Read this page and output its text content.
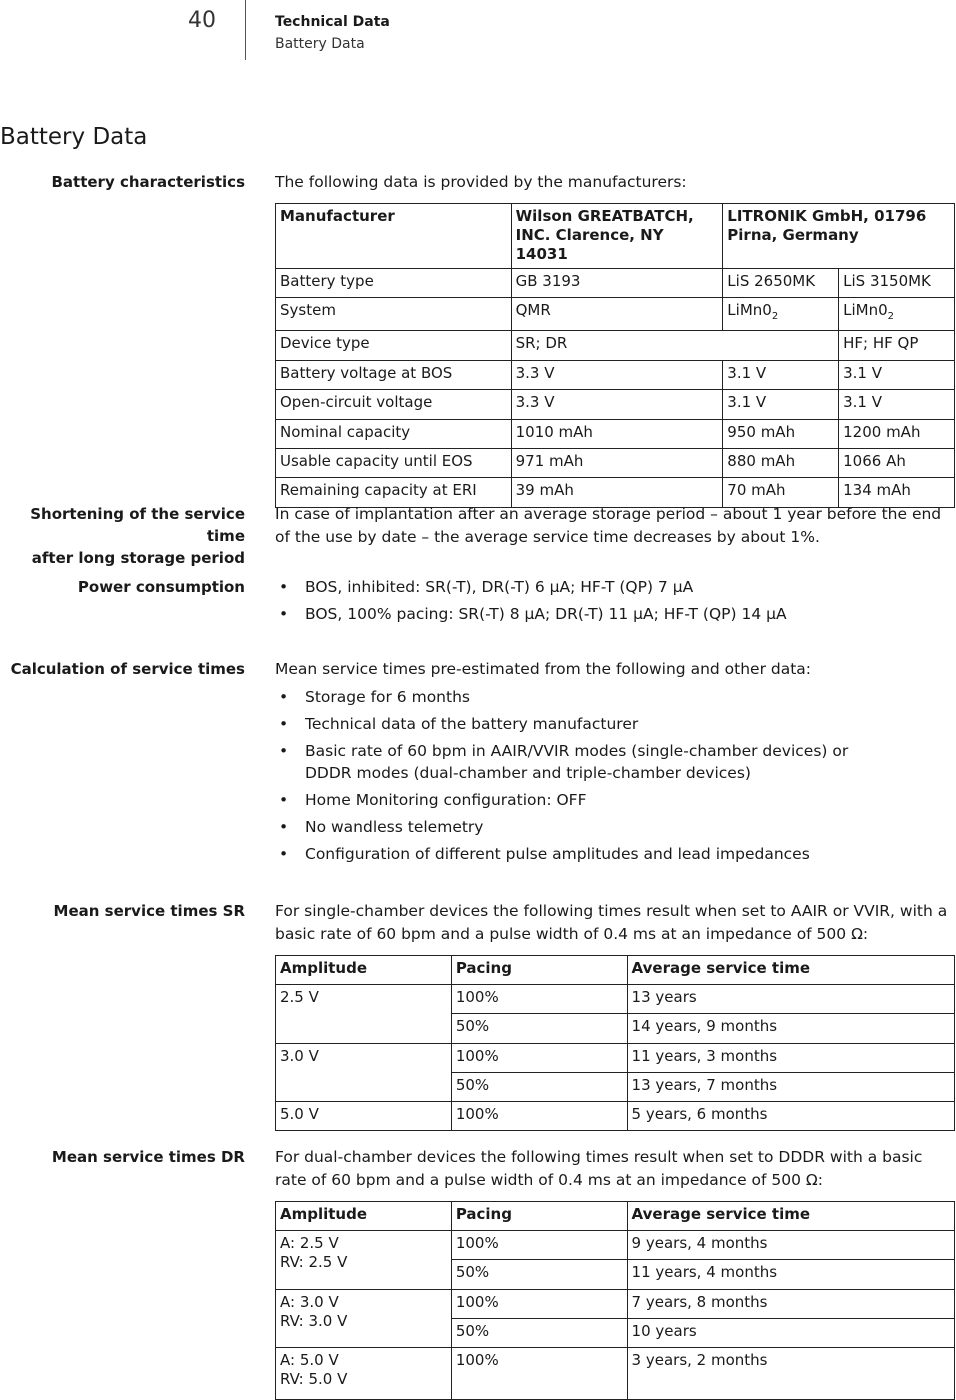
40	Technical Data
Battery Data
Battery Data
Battery characteristics The following data is provided by the manufacturers:
Manufacturer	Wilson GREATBATCH, INC. Clarence, NY 14031	LITRONIK GmbH, 01796 Pirna, Germany	
Battery type	GB 3193	LiS 2650MK	LiS 3150MK
System	QMR	$LiMn0_2$	$LiMn0_2$
Device type	SR; DR		HF; HF QP
Battery voltage at BOS	3.3 V	3.1 V	3.1 V
Open-circuit voltage	3.3 V	3.1 V	3.1 V
Nominal capacity	1010 mAh	950 mAh	1200 mAh
Usable capacity until EOS	971 mAh	880 mAh	1066 Ah
Remaining capacity at ERI	39 mAh	70 mAh	134 mAh
Shortening of the service time
after long storage period
In case of implantation after an average storage period – about 1 year before the end of the use by date – the average service time decreases by about 1%.
Power consumption	• BOS, inhibited: SR(-T), DR(-T) 6 µA; HF-T (QP) 7 µA
• BOS, 100% pacing: SR(-T) 8 µA; DR(-T) 11 µA; HF-T (QP) 14 µA
Calculation of service times Mean service times pre-estimated from the following and other data:
• Storage for 6 months
• Technical data of the battery manufacturer
• Basic rate of 60 bpm in AAIR/VVIR modes (single-chamber devices) or DDDR modes (dual-chamber and triple-chamber devices)
• Home Monitoring configuration: OFF
• No wandless telemetry
• Configuration of different pulse amplitudes and lead impedances
Mean service times SR For single-chamber devices the following times result when set to AAIR or VVIR, with a basic rate of 60 bpm and a pulse width of 0.4 ms at an impedance of 500 Ω:
Amplitude	Pacing	Average service time
2.5 V	100%	13 years
	50%	14 years, 9 months
3.0 V	100%	11 years, 3 months
	50%	13 years, 7 months
5.0 V	100%	5 years, 6 months
Mean service times DR For dual-chamber devices the following times result when set to DDDR with a basic rate of 60 bpm and a pulse width of 0.4 ms at an impedance of 500 Ω:
Amplitude	Pacing	Average service time

A: 2.5 V
RV: 2.5 V	100%	9 years, 4 months
	50%	11 years, 4 months

A: 3.0 V
RV: 3.0 V	100%	7 years, 8 months
	50%	10 years

A: 5.0 V
RV: 5.0 V	100%	3 years, 2 months
